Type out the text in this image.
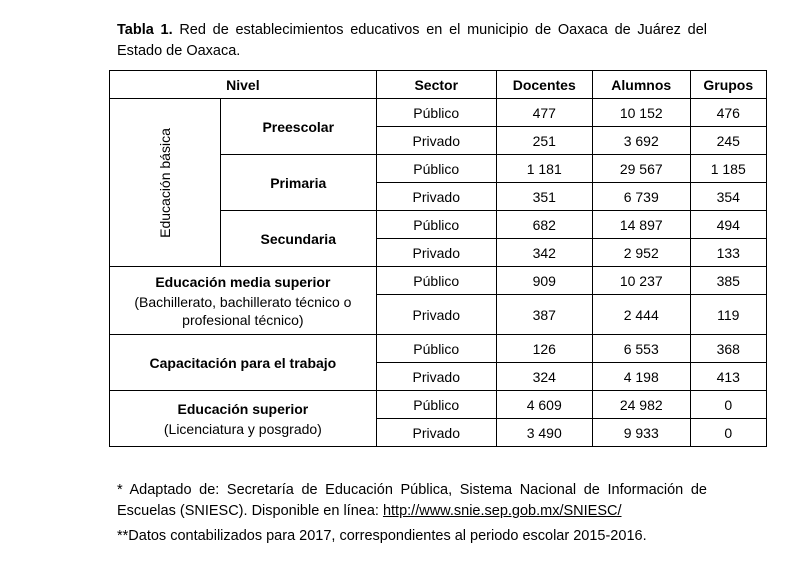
Tabla 1. Red de establecimientos educativos en el municipio de Oaxaca de Juárez del Estado de Oaxaca.
Nivel		Sector	Docentes	Alumnos	Grupos
Educación básica	Preescolar	Público	477	10 152	476
		Privado	251	3 692	245
	Primaria	Público	1 181	29 567	1 185
		Privado	351	6 739	354
	Secundaria	Público	682	14 897	494
		Privado	342	2 952	133

Educación media superior
(Bachillerato, bachillerato técnico o profesional técnico)		Público	909	10 237	385
		Privado	387	2 444	119
Capacitación para el trabajo		Público	126	6 553	368
		Privado	324	4 198	413

Educación superior
(Licenciatura y posgrado)		Público	4 609	24 982	0
		Privado	3 490	9 933	0
* Adaptado de: Secretaría de Educación Pública, Sistema Nacional de Información de Escuelas (SNIESC). Disponible en línea: http://www.snie.sep.gob.mx/SNIESC/
**Datos contabilizados para 2017, correspondientes al periodo escolar 2015-2016.
